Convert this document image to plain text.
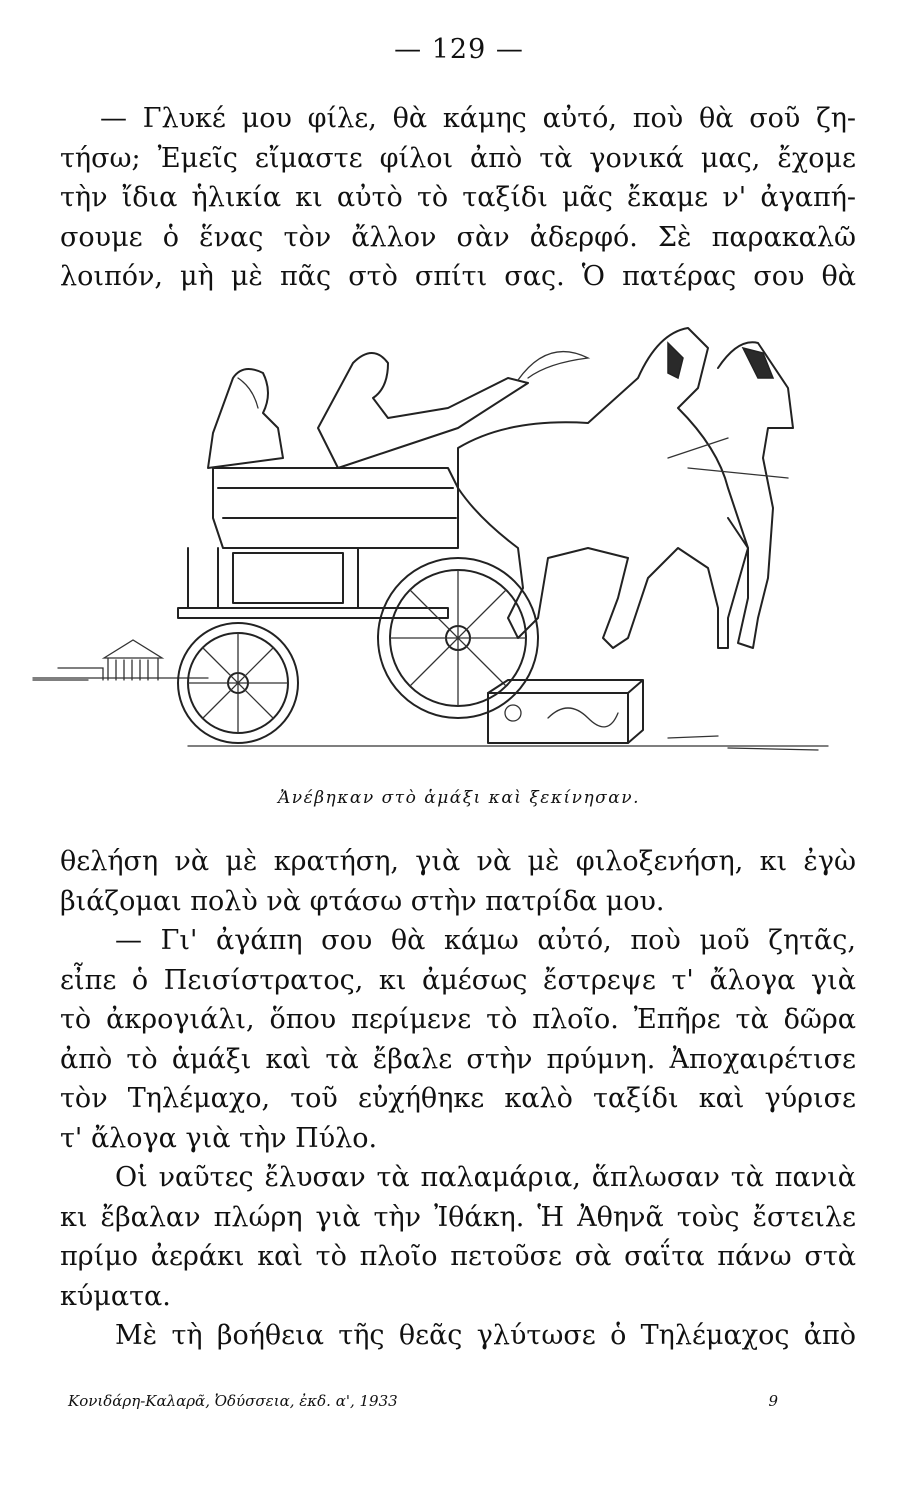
— 129 —
— Γλυκέ μου φίλε, θὰ κάμης αὐτό, ποὺ θὰ σοῦ ζη-
τήσω; Ἐμεῖς εἴμαστε φίλοι ἀπὸ τὰ γονικά μας, ἔχομε
τὴν ἴδια ἡλικία κι αὐτὸ τὸ ταξίδι μᾶς ἔκαμε ν' ἀγαπή-
σουμε ὁ ἕνας τὸν ἄλλον σὰν ἀδερφό. Σὲ παρακαλῶ
λοιπόν, μὴ μὲ πᾶς στὸ σπίτι σας. Ὁ πατέρας σου θὰ
Ἀνέβηκαν στὸ ἁμάξι καὶ ξεκίνησαν.
θελήση νὰ μὲ κρατήση, γιὰ νὰ μὲ φιλοξενήση, κι ἐγὼ
βιάζομαι πολὺ νὰ φτάσω στὴν πατρίδα μου.
— Γι' ἀγάπη σου θὰ κάμω αὐτό, ποὺ μοῦ ζητᾶς,
εἶπε ὁ Πεισίστρατος, κι ἀμέσως ἔστρεψε τ' ἄλογα γιὰ
τὸ ἀκρογιάλι, ὅπου περίμενε τὸ πλοῖο. Ἐπῆρε τὰ δῶρα
ἀπὸ τὸ ἁμάξι καὶ τὰ ἔβαλε στὴν πρύμνη. Ἀποχαιρέτισε
τὸν Τηλέμαχο, τοῦ εὐχήθηκε καλὸ ταξίδι καὶ γύρισε
τ' ἄλογα γιὰ τὴν Πύλο.
Οἱ ναῦτες ἔλυσαν τὰ παλαμάρια, ἅπλωσαν τὰ πανιὰ
κι ἔβαλαν πλώρη γιὰ τὴν Ἰθάκη. Ἡ Ἀθηνᾶ τοὺς ἔστειλε
πρίμο ἀεράκι καὶ τὸ πλοῖο πετοῦσε σὰ σαΐτα πάνω στὰ
κύματα.
Μὲ τὴ βοήθεια τῆς θεᾶς γλύτωσε ὁ Τηλέμαχος ἀπὸ
Κονιδάρη-Καλαρᾶ, Ὀδύσσεια, ἐκδ. α', 1933	9
